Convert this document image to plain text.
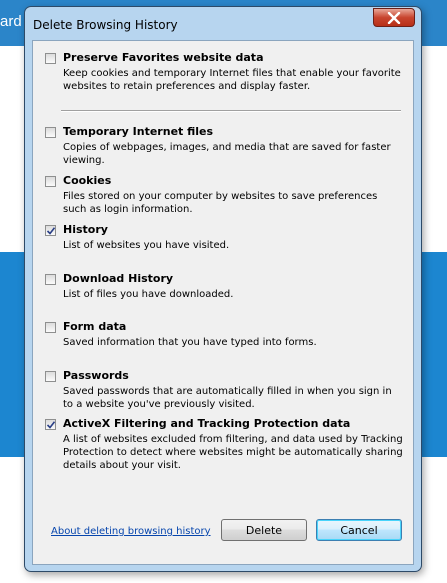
ard Delete Browsing History
Preserve Favorites website data
Keep cookies and temporary Internet files that enable your favorite websites to retain preferences and display faster.
Temporary Internet files
Copies of webpages, images, and media that are saved for faster viewing.
Cookies
Files stored on your computer by websites to save preferences such as login information.
History
List of websites you have visited.
Download History
List of files you have downloaded.
Form data
Saved information that you have typed into forms.
Passwords
Saved passwords that are automatically filled in when you sign in to a website you've previously visited.
ActiveX Filtering and Tracking Protection data
A list of websites excluded from filtering, and data used by Tracking Protection to detect where websites might be automatically sharing details about your visit.
About deleting browsing history	Delete	Cancel
